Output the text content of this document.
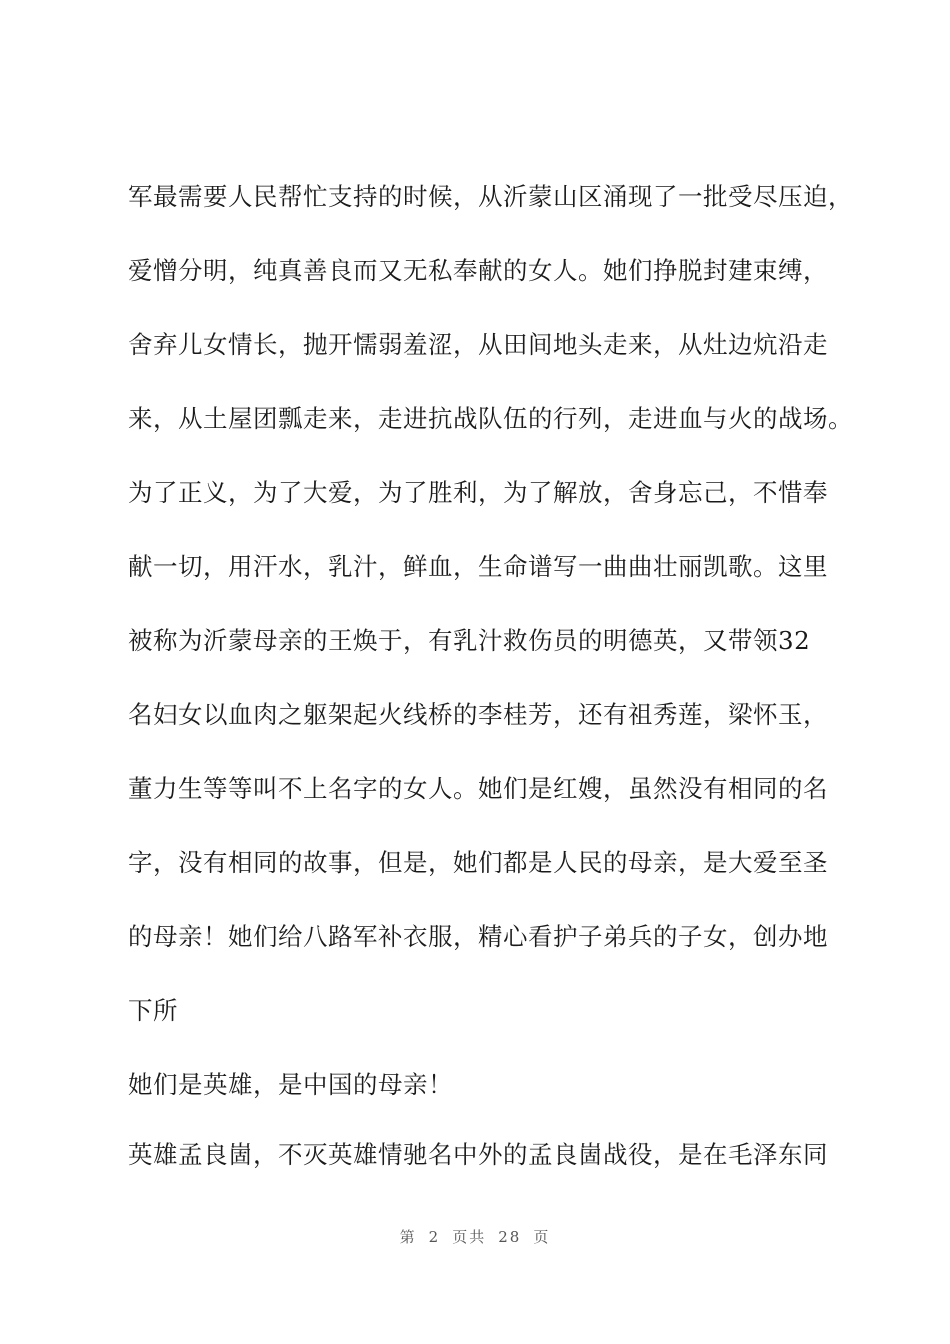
军最需要人民帮忙支持的时候，从沂蒙山区涌现了一批受尽压迫，
爱憎分明，纯真善良而又无私奉献的女人。她们挣脱封建束缚，
舍弃儿女情长，抛开懦弱羞涩，从田间地头走来，从灶边炕沿走
来，从土屋团瓢走来，走进抗战队伍的行列，走进血与火的战场。
为了正义，为了大爱，为了胜利，为了解放，舍身忘己，不惜奉
献一切，用汗水，乳汁，鲜血，生命谱写一曲曲壮丽凯歌。这里
被称为沂蒙母亲的王焕于，有乳汁救伤员的明德英，又带领32
名妇女以血肉之躯架起火线桥的李桂芳，还有祖秀莲，梁怀玉，
董力生等等叫不上名字的女人。她们是红嫂，虽然没有相同的名
字，没有相同的故事，但是，她们都是人民的母亲，是大爱至圣
的母亲！她们给八路军补衣服，精心看护子弟兵的子女，创办地
下所
她们是英雄，是中国的母亲！
英雄孟良崮，不灭英雄情驰名中外的孟良崮战役，是在毛泽东同
第 2 页共 28 页
